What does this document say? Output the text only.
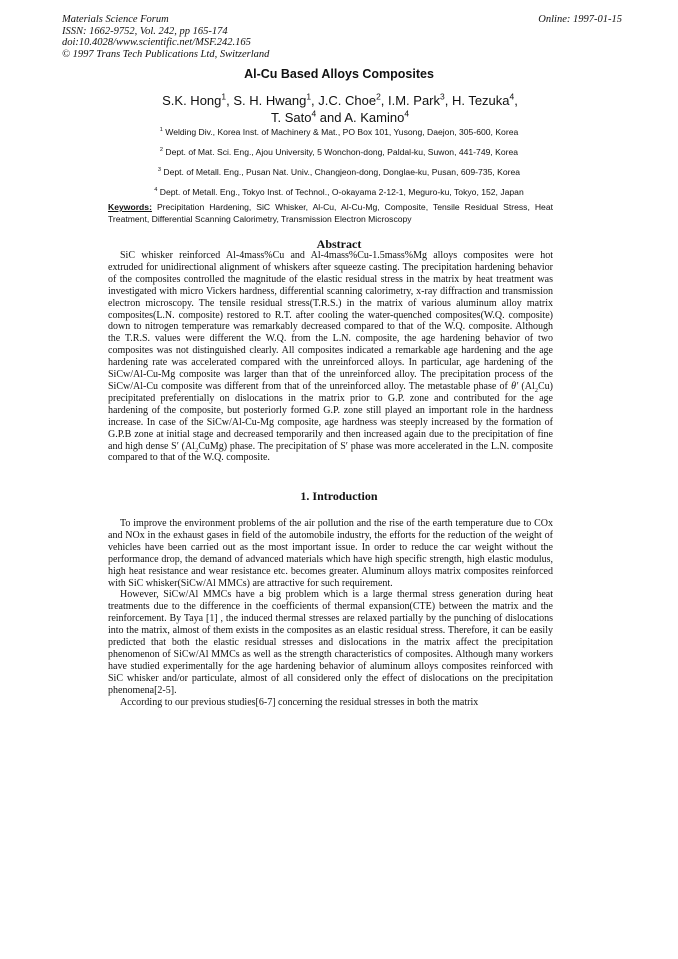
Materials Science Forum
ISSN: 1662-9752, Vol. 242, pp 165-174
doi:10.4028/www.scientific.net/MSF.242.165
© 1997 Trans Tech Publications Ltd, Switzerland
Online: 1997-01-15
Al-Cu Based Alloys Composites
S.K. Hong$^1$, S. H. Hwang$^1$, J.C. Choe$^2$, I.M. Park$^3$, H. Tezuka$^4$,
T. Sato$^4$ and A. Kamino$^4$
$^1$ Welding Div., Korea Inst. of Machinery & Mat., PO Box 101, Yusong, Daejon, 305-600, Korea
$^2$ Dept. of Mat. Sci. Eng., Ajou University, 5 Wonchon-dong, Paldal-ku, Suwon, 441-749, Korea
$^3$ Dept. of Metall. Eng., Pusan Nat. Univ., Changjeon-dong, Donglae-ku, Pusan, 609-735, Korea
$^4$ Dept. of Metall. Eng., Tokyo Inst. of Technol., O-okayama 2-12-1, Meguro-ku, Tokyo, 152, Japan
Keywords: Precipitation Hardening, SiC Whisker, Al-Cu, Al-Cu-Mg, Composite, Tensile Residual Stress, Heat Treatment, Differential Scanning Calorimetry, Transmission Electron Microscopy
Abstract
SiC whisker reinforced Al-4mass%Cu and Al-4mass%Cu-1.5mass%Mg alloys composites were hot extruded for unidirectional alignment of whiskers after squeeze casting. The precipitation hardening behavior of the composites controlled the magnitude of the elastic residual stress in the matrix by heat treatment was investigated with micro Vickers hardness, differential scanning calorimetry, x-ray diffraction and transmission electron microscopy. The tensile residual stress(T.R.S.) in the matrix of various aluminum alloy matrix composites(L.N. composite) restored to R.T. after cooling the water-quenched composites(W.Q. composite) down to nitrogen temperature was remarkably decreased compared to that of the W.Q. composite. Although the T.R.S. values were different the W.Q. from the L.N. composite, the age hardening behavior of two composites was not distinguished clearly. All composites indicated a remarkable age hardening and the age hardening rate was accelerated compared with the unreinforced alloys. In particular, age hardening of the SiCw/Al-Cu-Mg composite was larger than that of the unreinforced alloy. The precipitation process of the SiCw/Al-Cu composite was different from that of the unreinforced alloy. The metastable phase of θ′ $(Al_2Cu)$ precipitated preferentially on dislocations in the matrix prior to G.P. zone and contributed for the age hardening of the composite, but posteriorly formed G.P. zone still played an important role in the hardness increase. In case of the SiCw/Al-Cu-Mg composite, age hardness was steeply increased by the formation of G.P.B zone at initial stage and decreased temporarily and then increased again due to the precipitation of fine and high dense S′ $(Al_2CuMg)$ phase. The precipitation of S′ phase was more accelerated in the L.N. composite compared to that of the W.Q. composite.
1. Introduction

To improve the environment problems of the air pollution and the rise of the earth temperature due to COx and NOx in the exhaust gases in field of the automobile industry, the efforts for the reduction of the weight of vehicles have been carried out as the most important issue. In order to reduce the car weight without the performance drop, the demand of advanced materials which have high specific strength, high elastic modulus, high heat resistance and wear resistance etc. becomes greater. Aluminum alloys matrix composites reinforced with SiC whisker(SiCw/Al MMCs) are attractive for such requirement.

However, SiCw/Al MMCs have a big problem which is a large thermal stress generation during heat treatments due to the difference in the coefficients of thermal expansion(CTE) between the matrix and the reinforcement. By Taya [1] , the induced thermal stresses are relaxed partially by the punching of dislocations into the matrix, almost of them exists in the composites as an elastic residual stress. Therefore, it can be easily predicted that both the elastic residual stresses and dislocations in the matrix affect the precipitation phenomenon of SiCw/Al MMCs as well as the strength characteristics of composites. Although many workers have studied experimentally for the age hardening behavior of aluminum alloys composites reinforced with SiC whisker and/or particulate, almost of all considered only the effect of dislocations on the precipitation phenomena[2-5].

According to our previous studies[6-7] concerning the residual stresses in both the matrix
